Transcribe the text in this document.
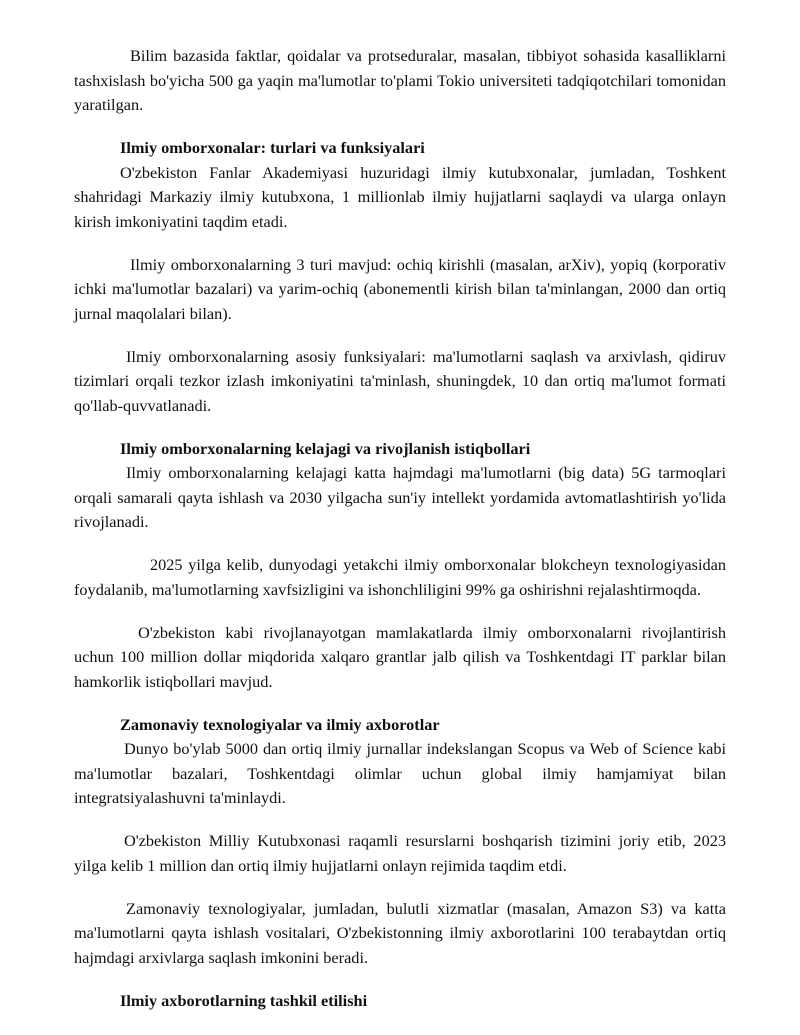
Bilim bazasida faktlar, qoidalar va protseduralar, masalan, tibbiyot sohasida kasalliklarni tashxislash bo'yicha 500 ga yaqin ma'lumotlar to'plami Tokio universiteti tadqiqotchilari tomonidan yaratilgan.

Ilmiy omborxonalar: turlari va funksiyalari

O'zbekiston Fanlar Akademiyasi huzuridagi ilmiy kutubxonalar, jumladan, Toshkent shahridagi Markaziy ilmiy kutubxona, 1 millionlab ilmiy hujjatlarni saqlaydi va ularga onlayn kirish imkoniyatini taqdim etadi.

Ilmiy omborxonalarning 3 turi mavjud: ochiq kirishli (masalan, arXiv), yopiq (korporativ ichki ma'lumotlar bazalari) va yarim-ochiq (abonementli kirish bilan ta'minlangan, 2000 dan ortiq jurnal maqolalari bilan).

Ilmiy omborxonalarning asosiy funksiyalari: ma'lumotlarni saqlash va arxivlash, qidiruv tizimlari orqali tezkor izlash imkoniyatini ta'minlash, shuningdek, 10 dan ortiq ma'lumot formati qo'llab-quvvatlanadi.

Ilmiy omborxonalarning kelajagi va rivojlanish istiqbollari

Ilmiy omborxonalarning kelajagi katta hajmdagi ma'lumotlarni (big data) 5G tarmoqlari orqali samarali qayta ishlash va 2030 yilgacha sun'iy intellekt yordamida avtomatlashtirish yo'lida rivojlanadi.

2025 yilga kelib, dunyodagi yetakchi ilmiy omborxonalar blokcheyn texnologiyasidan foydalanib, ma'lumotlarning xavfsizligini va ishonchliligini 99% ga oshirishni rejalashtirmoqda.

O'zbekiston kabi rivojlanayotgan mamlakatlarda ilmiy omborxonalarni rivojlantirish uchun 100 million dollar miqdorida xalqaro grantlar jalb qilish va Toshkentdagi IT parklar bilan hamkorlik istiqbollari mavjud.

Zamonaviy texnologiyalar va ilmiy axborotlar

Dunyo bo'ylab 5000 dan ortiq ilmiy jurnallar indekslangan Scopus va Web of Science kabi ma'lumotlar bazalari, Toshkentdagi olimlar uchun global ilmiy hamjamiyat bilan integratsiyalashuvni ta'minlaydi.

O'zbekiston Milliy Kutubxonasi raqamli resurslarni boshqarish tizimini joriy etib, 2023 yilga kelib 1 million dan ortiq ilmiy hujjatlarni onlayn rejimida taqdim etdi.

Zamonaviy texnologiyalar, jumladan, bulutli xizmatlar (masalan, Amazon S3) va katta ma'lumotlarni qayta ishlash vositalari, O'zbekistonning ilmiy axborotlarini 100 terabaytdan ortiq hajmdagi arxivlarga saqlash imkonini beradi.

Ilmiy axborotlarning tashkil etilishi
